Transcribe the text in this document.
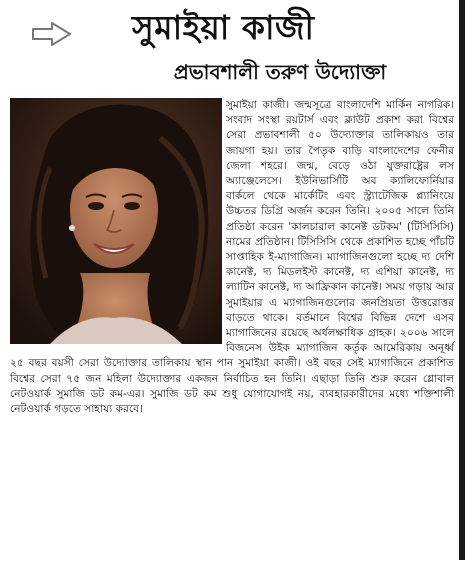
সুমাইয়া কাজী
প্রভাবশালী তরুণ উদ্যোক্তা

সুমাইয়া কাজী। জন্মসূত্রে বাংলাদেশি মার্কিন নাগরিক। সংবাদ সংস্থা রয়টার্স এবং ক্লাউট প্রকাশ করা বিশ্বের সেরা প্রভাবশালী ৫০ উদ্যোক্তার তালিকায়ও তার জায়গা হয়। তার পৈতৃক বাড়ি বাংলাদেশের ফেনীর জেলা শহরে। জন্ম, বেড়ে ওঠা যুক্তরাষ্ট্রের লস অ্যাঞ্জেলেসে। ইউনিভার্সিটি অব ক্যালিফোর্নিয়ার বার্কলে থেকে মার্কেটিং এবং স্ট্র্যাটেজিক প্ল্যানিংয়ে উচ্চতর ডিগ্রি অর্জন করেন তিনি। ২০০৫ সালে তিনি প্রতিষ্ঠা করেন 'কালচারাল কানেক্ট ডটকম' (টিসিসিসি) নামের প্রতিষ্ঠান। টিসিসিসি থেকে প্রকাশিত হচ্ছে পাঁচটি সাপ্তাহিক ই-ম্যাগাজিন। ম্যাগাজিনগুলো হচ্ছে দ্য দেশি কানেক্ট, দ্য মিডলইস্ট কানেক্ট, দ্য এশিয়া কানেক্ট, দ্য ল্যাটিন কানেক্ট, দ্য আফ্রিকান কানেক্ট। সময় গড়ায় আর সুমাইয়ার এ ম্যাগাজিনগুলোর জনপ্রিয়তা উত্তরোত্তর বাড়তে থাকে। বর্তমানে বিশ্বের বিভিন্ন দেশে এসব ম্যাগাজিনের রয়েছে অর্ধলক্ষাধিক গ্রাহক। ২০০৬ সালে বিজনেস উইক ম্যাগাজিন কর্তৃক আমেরিকায় অনূর্ধ্ব ২৫ বছর বয়সী সেরা উদ্যোক্তার তালিকায় স্থান পান সুমাইয়া কাজী। ওই বছর সেই ম্যাগাজিনে প্রকাশিত বিশ্বের সেরা ৭৫ জন মহিলা উদ্যোক্তার একজন নির্বাচিত হন তিনি। এছাড়া তিনি শুরু করেন গ্লোবাল নেটওয়ার্ক সুমাজি ডট কম-এর। সুমাজি ডট কম শুধু যোগাযোগই নয়, ব্যবহারকারীদের মধ্যে শক্তিশালী নেটওয়ার্ক গড়তে সাহায্য করবে।
